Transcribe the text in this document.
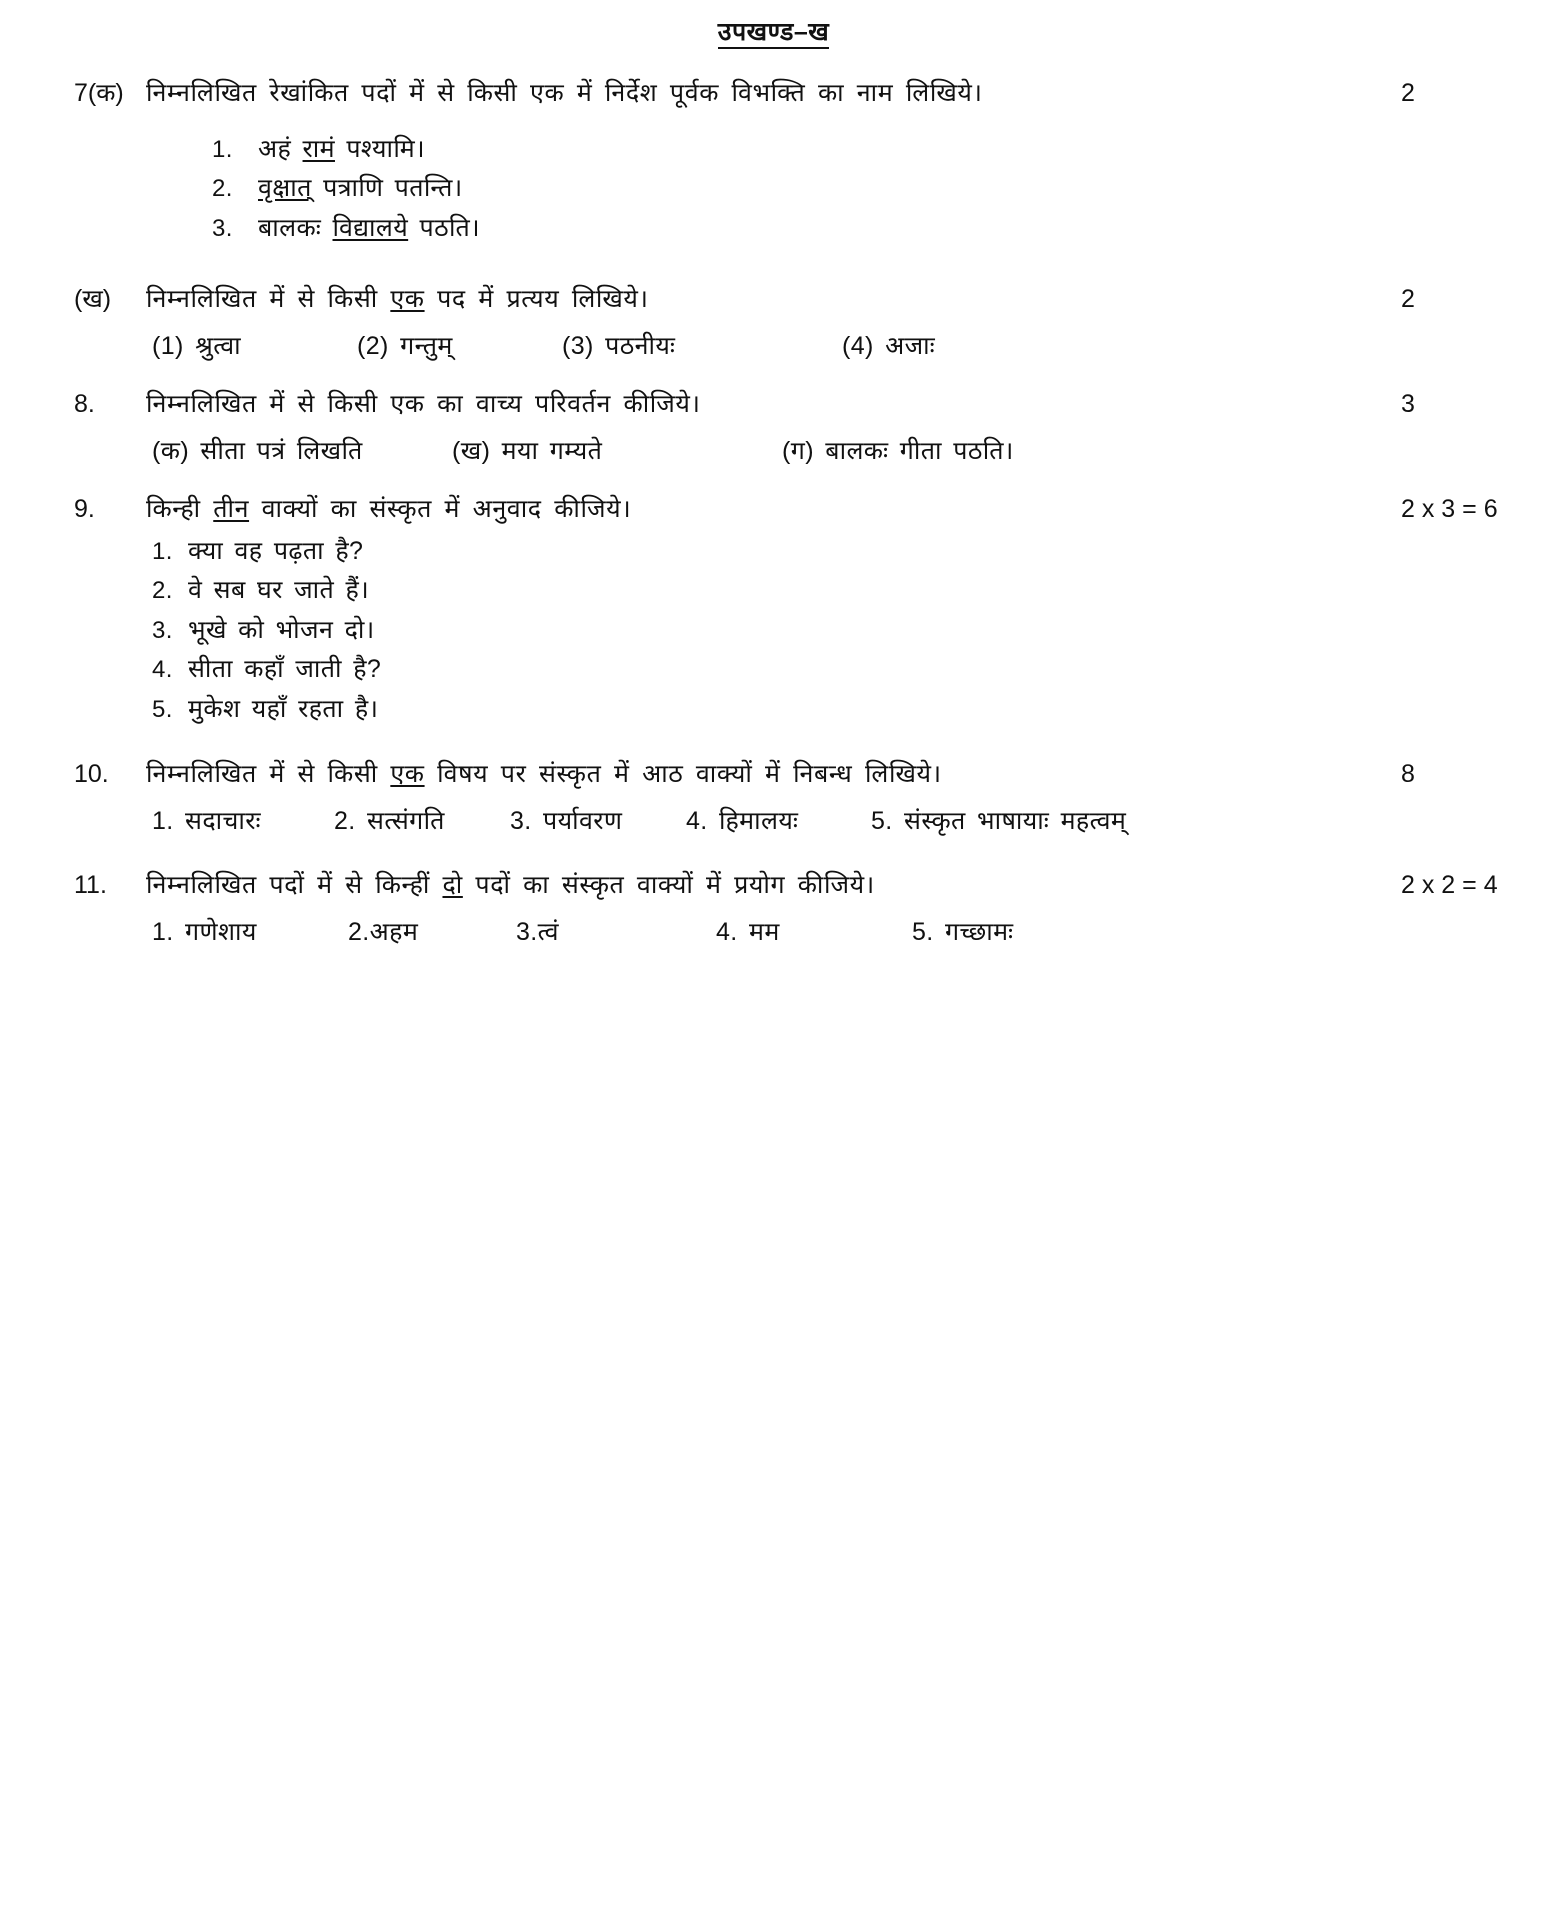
उपखण्ड–ख
7(क) निम्नलिखित रेखांकित पदों में से किसी एक में निर्देश पूर्वक विभक्ति का नाम लिखिये।
1.	अहं रामं पश्यामि।
2.	वृक्षात् पत्राणि पतन्ति।
3.	बालकः विद्यालये पठति।
2
(ख) निम्नलिखित में से किसी एक पद में प्रत्यय लिखिये।
(1) श्रुत्वा	(2) गन्तुम्	(3) पठनीयः	(4) अजाः
2
8. निम्नलिखित में से किसी एक का वाच्य परिवर्तन कीजिये।
(क) सीता पत्रं लिखति	(ख) मया गम्यते	(ग) बालकः गीता पठति।
3
9. किन्ही तीन वाक्यों का संस्कृत में अनुवाद कीजिये।
1. क्या वह पढ़ता है?
2. वे सब घर जाते हैं।
3. भूखे को भोजन दो।
4. सीता कहाँ जाती है?
5. मुकेश यहाँ रहता है।
2 x 3 = 6
10. निम्नलिखित में से किसी एक विषय पर संस्कृत में आठ वाक्यों में निबन्ध लिखिये।
1. सदाचारः	2. सत्संगति	3. पर्यावरण	4. हिमालयः	5. संस्कृत भाषायाः महत्वम्
8
11. निम्नलिखित पदों में से किन्हीं दो पदों का संस्कृत वाक्यों में प्रयोग कीजिये।
1. गणेशाय	2.अहम	3.त्वं	4. मम	5. गच्छामः
2 x 2 = 4
